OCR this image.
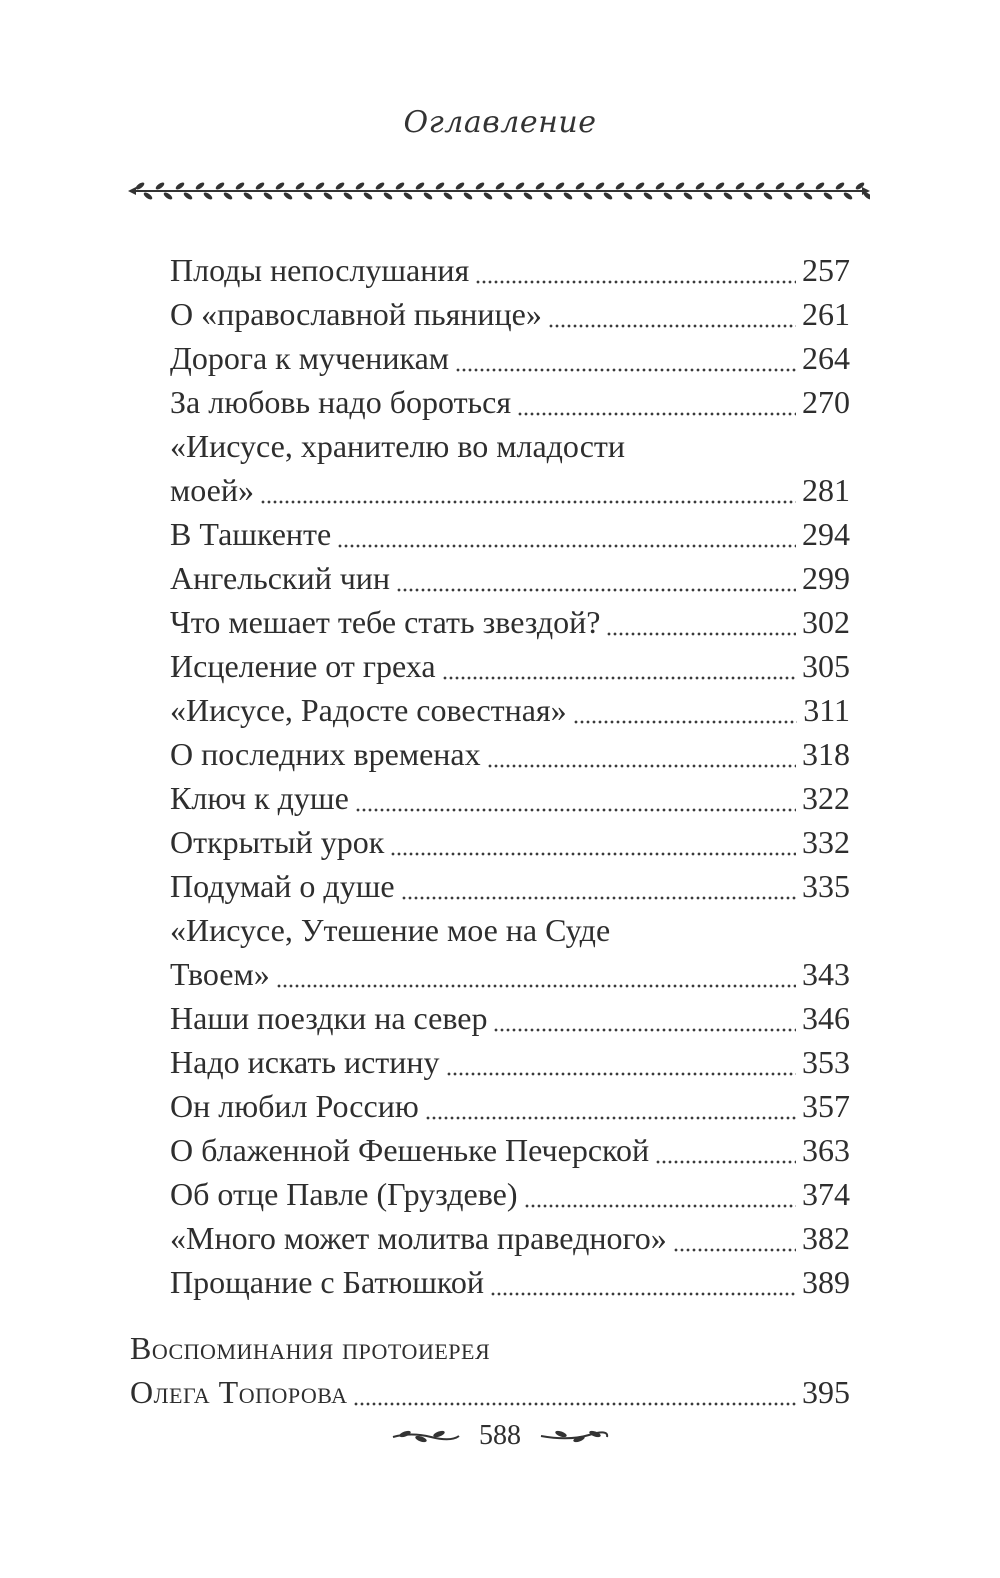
Оглавление
Плоды непослушания	257
О «православной пьянице»	261
Дорога к мученикам	264
За любовь надо бороться	270
«Иисусе, хранителю во младости
моей»	281
В Ташкенте	294
Ангельский чин	299
Что мешает тебе стать звездой?	302
Исцеление от греха	305
«Иисусе, Радосте совестная»	311
О последних временах	318
Ключ к душе	322
Открытый урок	332
Подумай о душе	335
«Иисусе, Утешение мое на Суде
Твоем»	343
Наши поездки на север	346
Надо искать истину	353
Он любил Россию	357
О блаженной Фешеньке Печерской	363
Об отце Павле (Груздеве)	374
«Много может молитва праведного»	382
Прощание с Батюшкой	389
Воспоминания протоиерея
Олега Топорова	395
588
